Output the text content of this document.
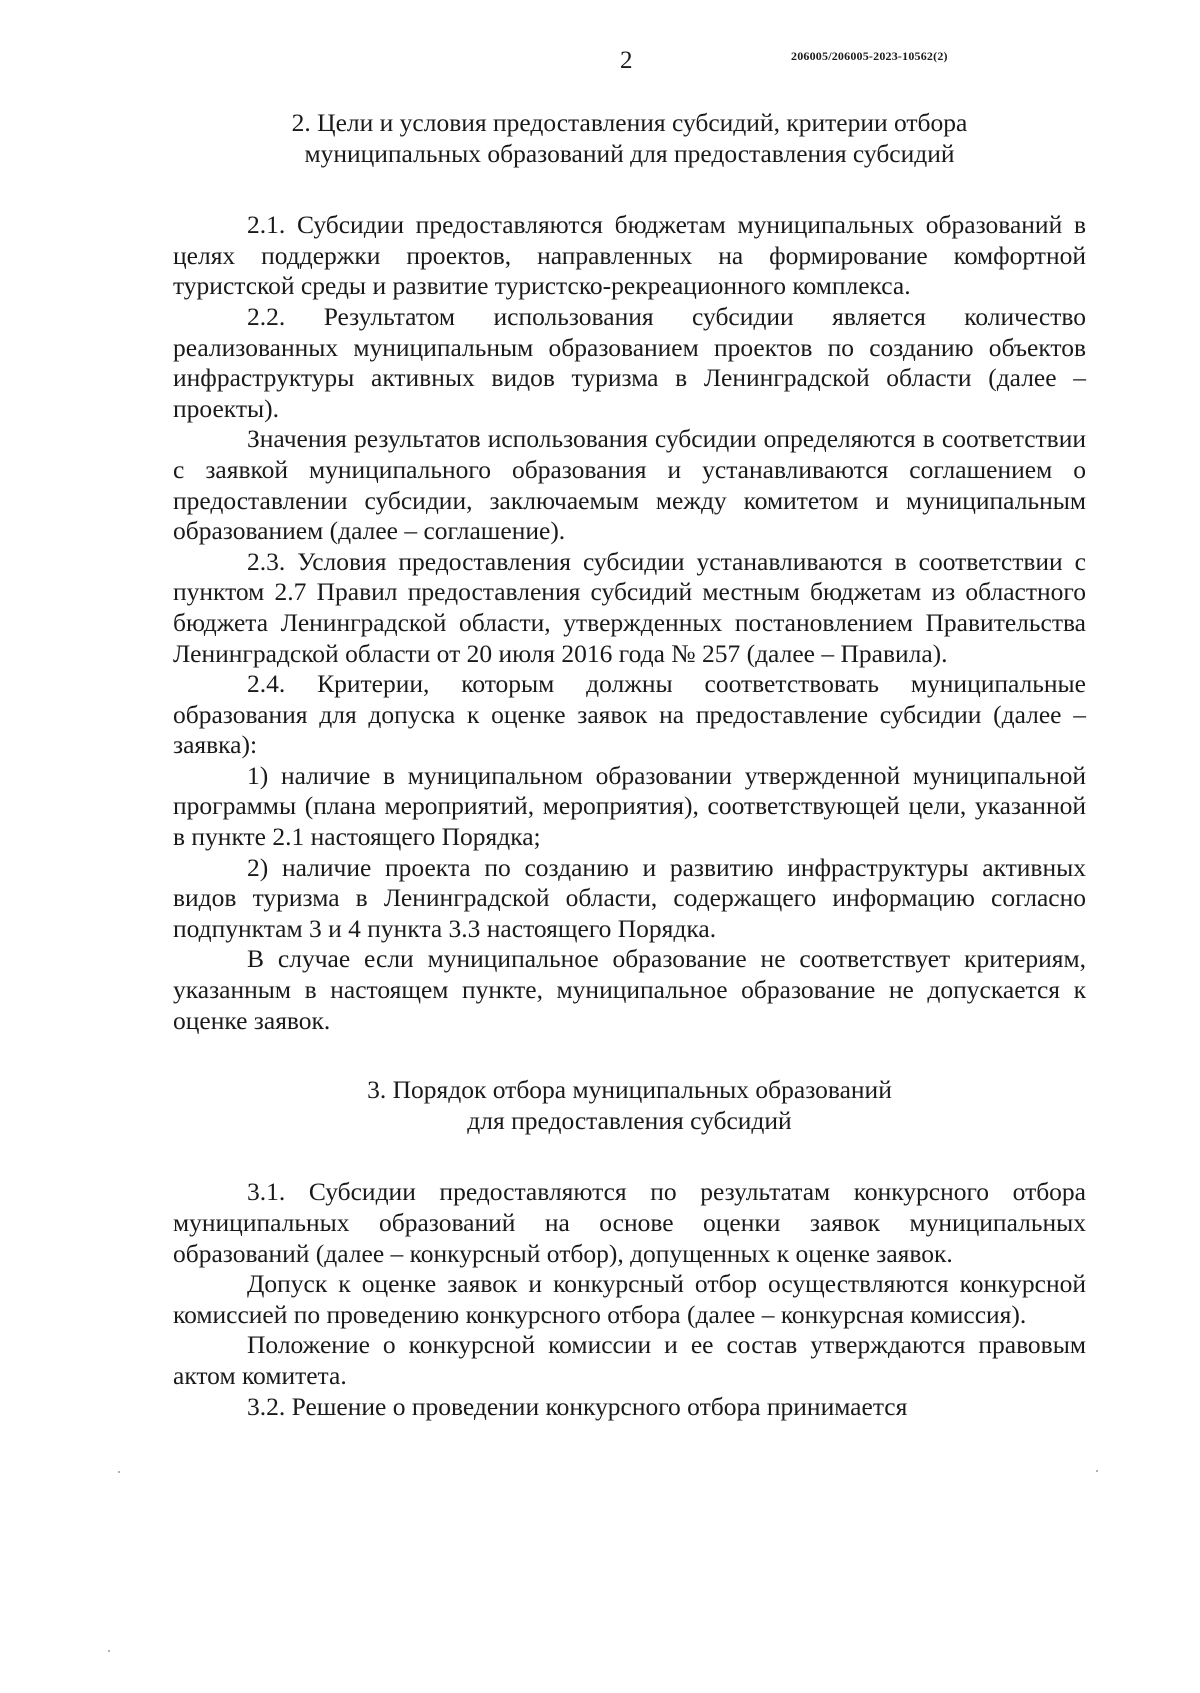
2	206005/206005-2023-10562(2)

2. Цели и условия предоставления субсидий, критерии отбора

муниципальных образований для предоставления субсидий

2.1. Субсидии предоставляются бюджетам муниципальных образований в целях поддержки проектов, направленных на формирование комфортной туристской среды и развитие туристско-рекреационного комплекса.

2.2. Результатом использования субсидии является количество реализованных муниципальным образованием проектов по созданию объектов инфраструктуры активных видов туризма в Ленинградской области (далее – проекты).

Значения результатов использования субсидии определяются в соответствии с заявкой муниципального образования и устанавливаются соглашением о предоставлении субсидии, заключаемым между комитетом и муниципальным образованием (далее – соглашение).

2.3. Условия предоставления субсидии устанавливаются в соответствии с пунктом 2.7 Правил предоставления субсидий местным бюджетам из областного бюджета Ленинградской области, утвержденных постановлением Правительства Ленинградской области от 20 июля 2016 года № 257 (далее – Правила).

2.4. Критерии, которым должны соответствовать муниципальные образования для допуска к оценке заявок на предоставление субсидии (далее – заявка):

1) наличие в муниципальном образовании утвержденной муниципальной программы (плана мероприятий, мероприятия), соответствующей цели, указанной в пункте 2.1 настоящего Порядка;

2) наличие проекта по созданию и развитию инфраструктуры активных видов туризма в Ленинградской области, содержащего информацию согласно подпунктам 3 и 4 пункта 3.3 настоящего Порядка.

В случае если муниципальное образование не соответствует критериям, указанным в настоящем пункте, муниципальное образование не допускается к оценке заявок.

3. Порядок отбора муниципальных образований

для предоставления субсидий

3.1. Субсидии предоставляются по результатам конкурсного отбора муниципальных образований на основе оценки заявок муниципальных образований (далее – конкурсный отбор), допущенных к оценке заявок.

Допуск к оценке заявок и конкурсный отбор осуществляются конкурсной комиссией по проведению конкурсного отбора (далее – конкурсная комиссия).

Положение о конкурсной комиссии и ее состав утверждаются правовым актом комитета.

3.2. Решение о проведении конкурсного отбора принимается
